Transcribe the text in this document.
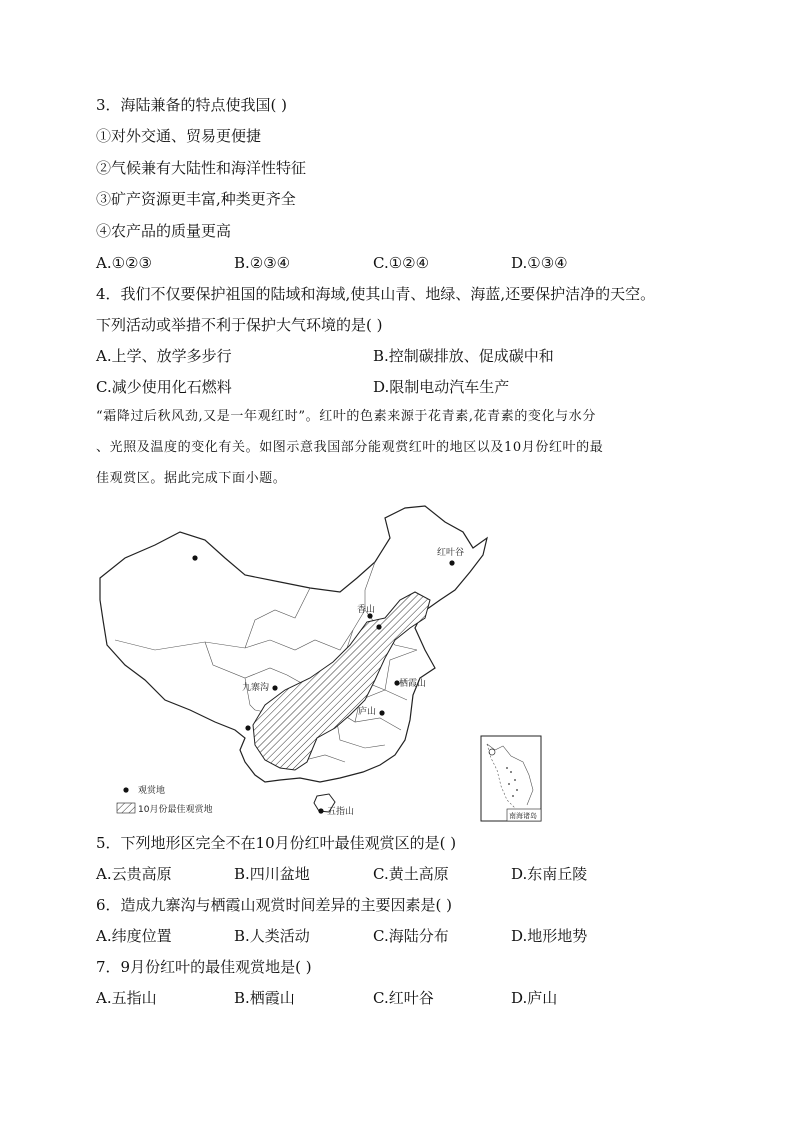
3．海陆兼备的特点使我国( )
①对外交通、贸易更便捷
②气候兼有大陆性和海洋性特征
③矿产资源更丰富,种类更齐全
④农产品的质量更高
A.①②③	B.②③④	C.①②④	D.①③④
4．我们不仅要保护祖国的陆域和海域,使其山青、地绿、海蓝,还要保护洁净的天空。
下列活动或举措不利于保护大气环境的是( )
A.上学、放学多步行	B.控制碳排放、促成碳中和
C.减少使用化石燃料	D.限制电动汽车生产
“霜降过后秋风劲,又是一年观红时”。红叶的色素来源于花青素,花青素的变化与水分
、光照及温度的变化有关。如图示意我国部分能观赏红叶的地区以及10月份红叶的最
佳观赏区。据此完成下面小题。
红叶谷
香山
栖霞山
九寨沟
庐山
五指山	南海诸岛
观赏地
10月份最佳观赏地
5．下列地形区完全不在10月份红叶最佳观赏区的是( )
A.云贵高原	B.四川盆地	C.黄土高原	D.东南丘陵
6．造成九寨沟与栖霞山观赏时间差异的主要因素是( )
A.纬度位置	B.人类活动	C.海陆分布	D.地形地势
7．9月份红叶的最佳观赏地是( )
A.五指山	B.栖霞山	C.红叶谷	D.庐山
